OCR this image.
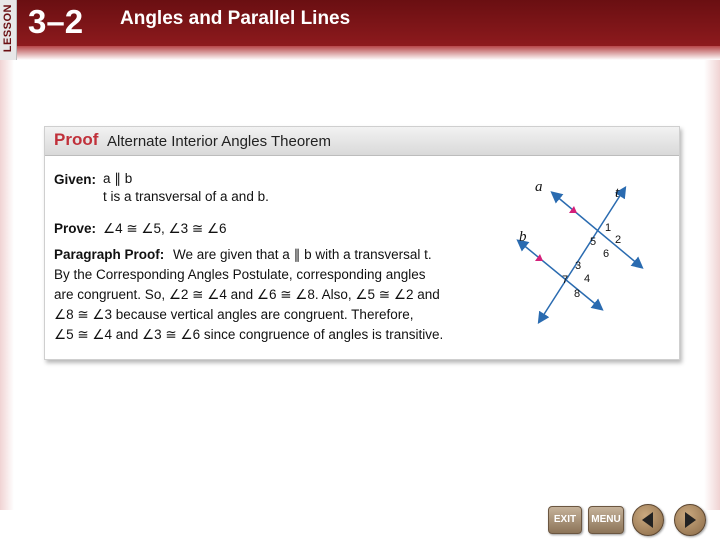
LESSON 3–2 Angles and Parallel Lines
Proof Alternate Interior Angles Theorem
Given: a ∥ b
t is a transversal of a and b.
Prove: ∠4 ≅ ∠5, ∠3 ≅ ∠6
Paragraph Proof: We are given that a ∥ b with a transversal t.
By the Corresponding Angles Postulate, corresponding angles
are congruent. So, ∠2 ≅ ∠4 and ∠6 ≅ ∠8. Also, ∠5 ≅ ∠2 and
∠8 ≅ ∠3 because vertical angles are congruent. Therefore,
∠5 ≅ ∠4 and ∠3 ≅ ∠6 since congruence of angles is transitive.
a
b
t
1
2
5
6
3
4
7
8
EXIT	MENU
